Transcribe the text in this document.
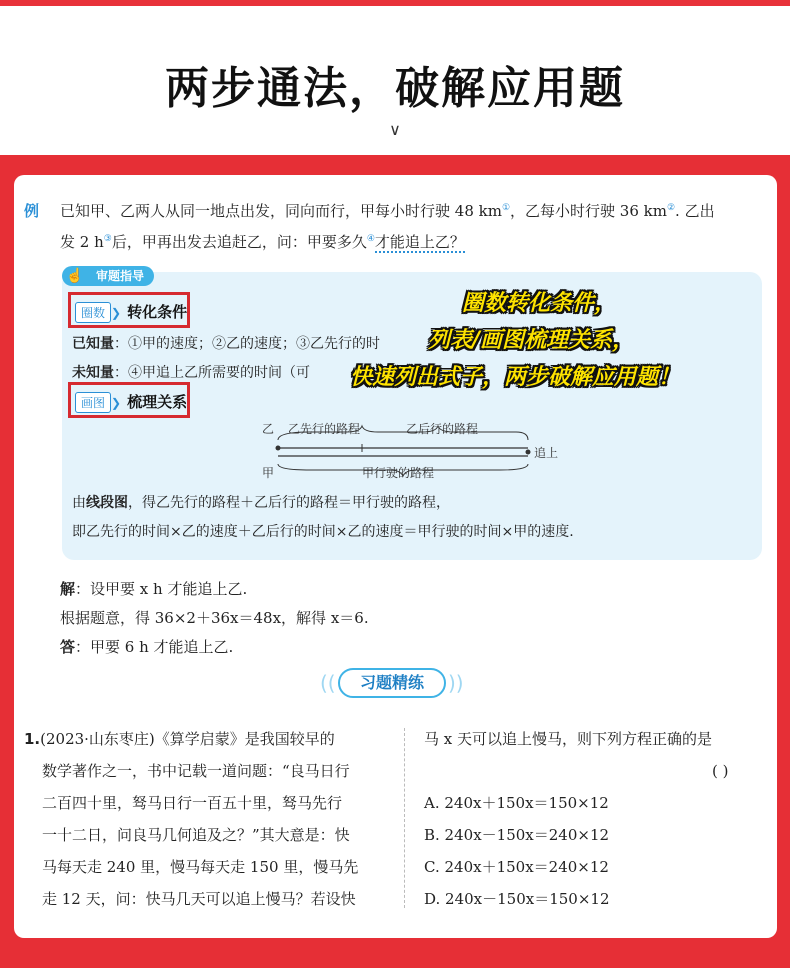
两步通法，破解应用题
∨
例 已知甲、乙两人从同一地点出发，同向而行，甲每小时行驶 48 km①，乙每小时行驶 36 km②. 乙出
发 2 h③后，甲再出发去追赶乙，问：甲要多久④才能追上乙？
审题指导
☝
圈数 ❯ 转化条件
已知量：①甲的速度；②乙的速度；③乙先行的时
未知量：④甲追上乙所需要的时间（可
画图 ❯ 梳理关系
乙 乙先行的路程	乙后行的路程
追上
甲	甲行驶的路程
由线段图，得乙先行的路程＋乙后行的路程＝甲行驶的路程，
即乙先行的时间×乙的速度＋乙后行的时间×乙的速度＝甲行驶的时间×甲的速度.
圈数转化条件，
列表/画图梳理关系，
快速列出式子，两步破解应用题！
解：设甲要 x h 才能追上乙.
根据题意，得 36×2＋36x＝48x，解得 x＝6.
答：甲要 6 h 才能追上乙.
((	习题精练	))
1.(2023·山东枣庄)《算学启蒙》是我国较早的
数学著作之一，书中记载一道问题：“良马日行
二百四十里，驽马日行一百五十里，驽马先行
一十二日，问良马几何追及之？”其大意是：快
马每天走 240 里，慢马每天走 150 里，慢马先
走 12 天，问：快马几天可以追上慢马？若设快
马 x 天可以追上慢马，则下列方程正确的是
( )
A. 240x＋150x＝150×12
B. 240x－150x＝240×12
C. 240x＋150x＝240×12
D. 240x－150x＝150×12
